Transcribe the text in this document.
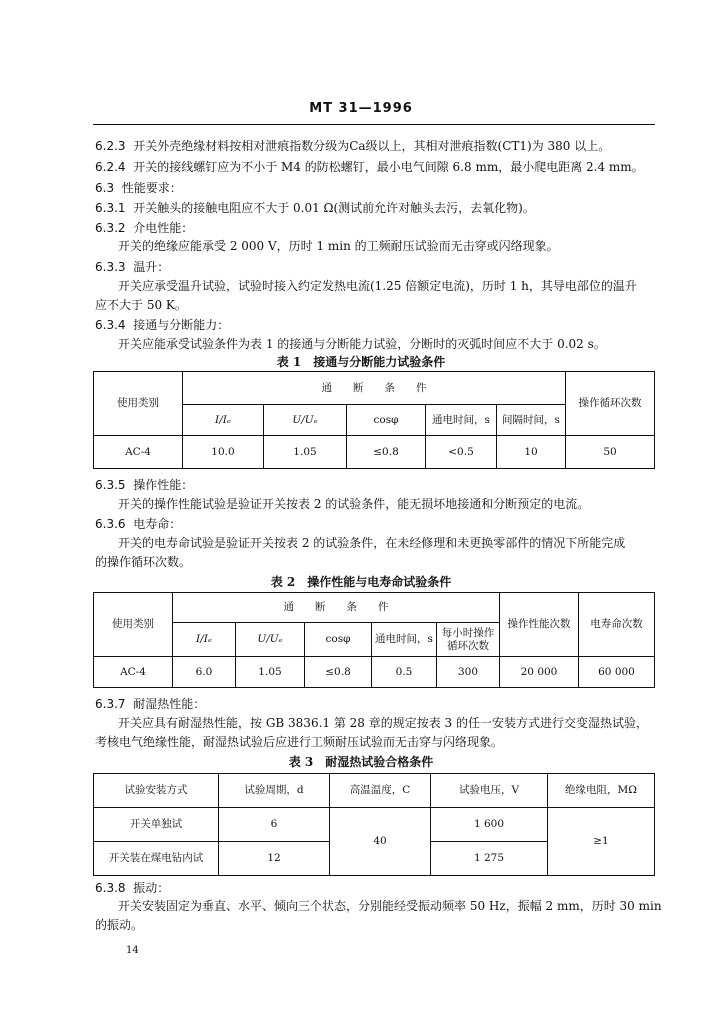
MT 31—1996
6.2.3 开关外壳绝缘材料按相对泄痕指数分级为Ca级以上，其相对泄痕指数(CT1)为 380 以上。
6.2.4 开关的接线螺钉应为不小于 M4 的防松螺钉，最小电气间隙 6.8 mm，最小爬电距离 2.4 mm。
6.3 性能要求：
6.3.1 开关触头的接触电阻应不大于 0.01 Ω(测试前允许对触头去污，去氧化物)。
6.3.2 介电性能：
开关的绝缘应能承受 2 000 V，历时 1 min 的工频耐压试验而无击穿或闪络现象。
6.3.3 温升：
开关应承受温升试验，试验时接入约定发热电流(1.25 倍额定电流)，历时 1 h，其导电部位的温升
应不大于 50 K。
6.3.4 接通与分断能力：
开关应能承受试验条件为表 1 的接通与分断能力试验，分断时的灭弧时间应不大于 0.02 s。
表 1　接通与分断能力试验条件
使用类别	通　　断　　条　　件					操作循环次数
	I/Iₑ	U/Uₑ	cosφ	通电时间，s	间隔时间，s	
AC-4	10.0	1.05	≤0.8	<0.5	10	50
6.3.5 操作性能：
开关的操作性能试验是验证开关按表 2 的试验条件，能无损坏地接通和分断预定的电流。
6.3.6 电寿命：
开关的电寿命试验是验证开关按表 2 的试验条件，在未经修理和未更换零部件的情况下所能完成
的操作循环次数。
表 2　操作性能与电寿命试验条件
使用类别	通　　断　　条　　件					操作性能次数	电寿命次数
	I/Iₑ	U/Uₑ	cosφ	通电时间，s	每小时操作
循环次数		

AC-4	6.0	1.05	≤0.8	0.5	300	20 000	60 000
6.3.7 耐湿热性能：
开关应具有耐湿热性能，按 GB 3836.1 第 28 章的规定按表 3 的任一安装方式进行交变湿热试验，
考核电气绝缘性能，耐湿热试验后应进行工频耐压试验而无击穿与闪络现象。
表 3　耐湿热试验合格条件
试验安装方式	试验周期，d	高温温度，C	试验电压，V	绝缘电阻，MΩ
开关单独试	6	40	1 600	≥1
开关装在煤电钻内试	12		1 275	
6.3.8 振动：
开关安装固定为垂直、水平、倾向三个状态，分别能经受振动频率 50 Hz，振幅 2 mm，历时 30 min
的振动。
14
